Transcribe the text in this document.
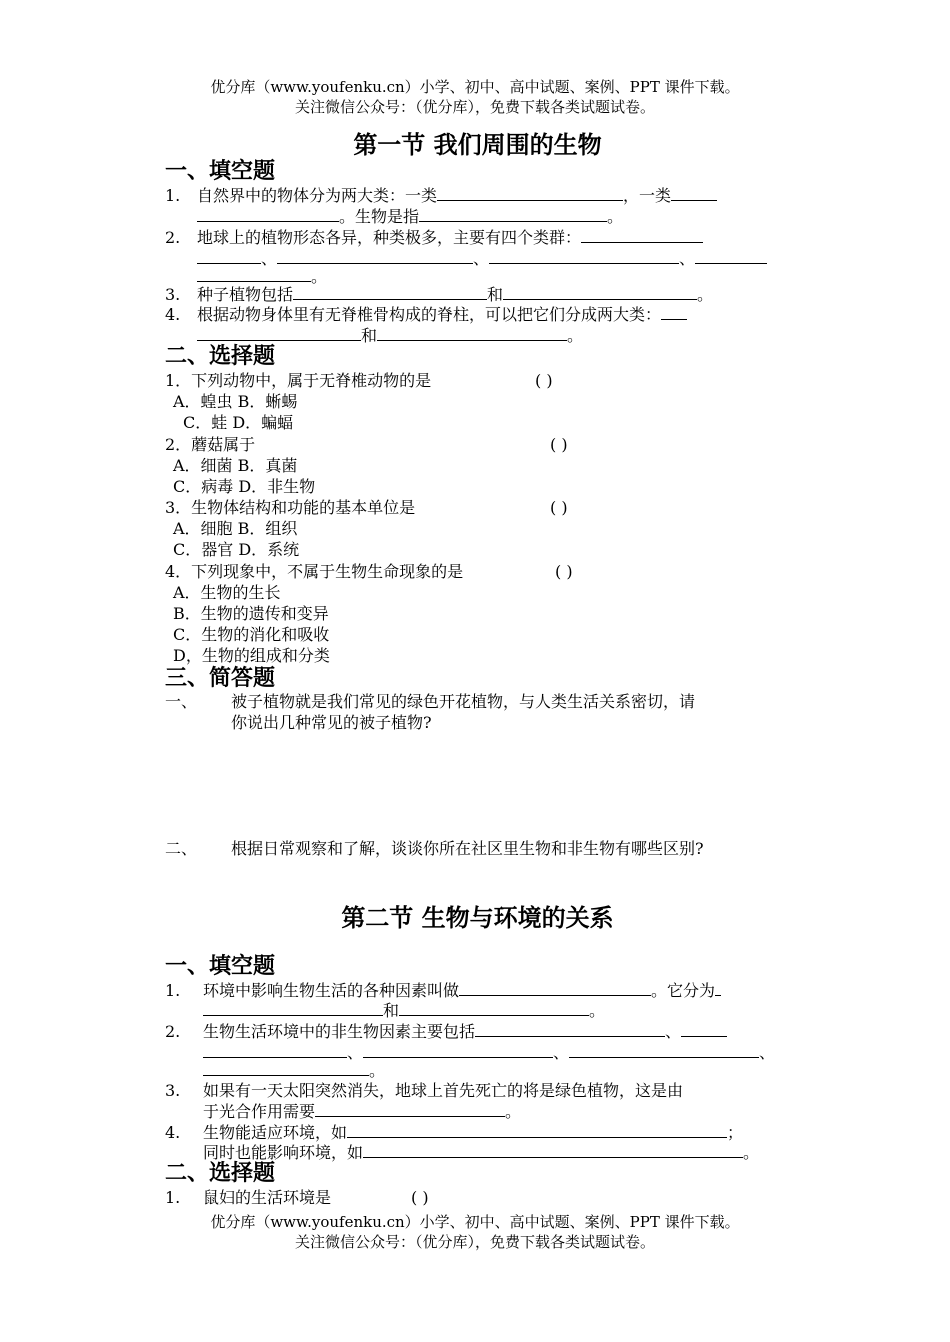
优分库（www.youfenku.cn）小学、初中、高中试题、案例、PPT 课件下载。
关注微信公众号：（优分库），免费下载各类试题试卷。
第一节 我们周围的生物
一、填空题
1. 自然界中的物体分为两大类：一类	，一类
。生物是指	。
2. 地球上的植物形态各异，种类极多，主要有四个类群：
、	、	、
。
3. 种子植物包括	和	。
4. 根据动物身体里有无脊椎骨构成的脊柱，可以把它们分成两大类：
和	。
二、选择题
1．下列动物中，属于无脊椎动物的是	( )
A．蝗虫 B．蜥蜴
C．蛙 D．蝙蝠
2．蘑菇属于	( )
A．细菌 B．真菌
C．病毒 D．非生物
3．生物体结构和功能的基本单位是	( )
A．细胞 B．组织
C．器官 D．系统
4．下列现象中，不属于生物生命现象的是	( )
A．生物的生长
B．生物的遗传和变异
C．生物的消化和吸收
D，生物的组成和分类
三、简答题
一、 被子植物就是我们常见的绿色开花植物，与人类生活关系密切，请
你说出几种常见的被子植物?
二、 根据日常观察和了解，谈谈你所在社区里生物和非生物有哪些区别?
第二节 生物与环境的关系
一、填空题
1. 环境中影响生物生活的各种因素叫做	。它分为
和	。
2. 生物生活环境中的非生物因素主要包括	、
、	、	、
。
3. 如果有一天太阳突然消失，地球上首先死亡的将是绿色植物，这是由
于光合作用需要	。
4. 生物能适应环境，如	；
同时也能影响环境，如	。
二、选择题
1. 鼠妇的生活环境是	( )
优分库（www.youfenku.cn）小学、初中、高中试题、案例、PPT 课件下载。
关注微信公众号：（优分库），免费下载各类试题试卷。
